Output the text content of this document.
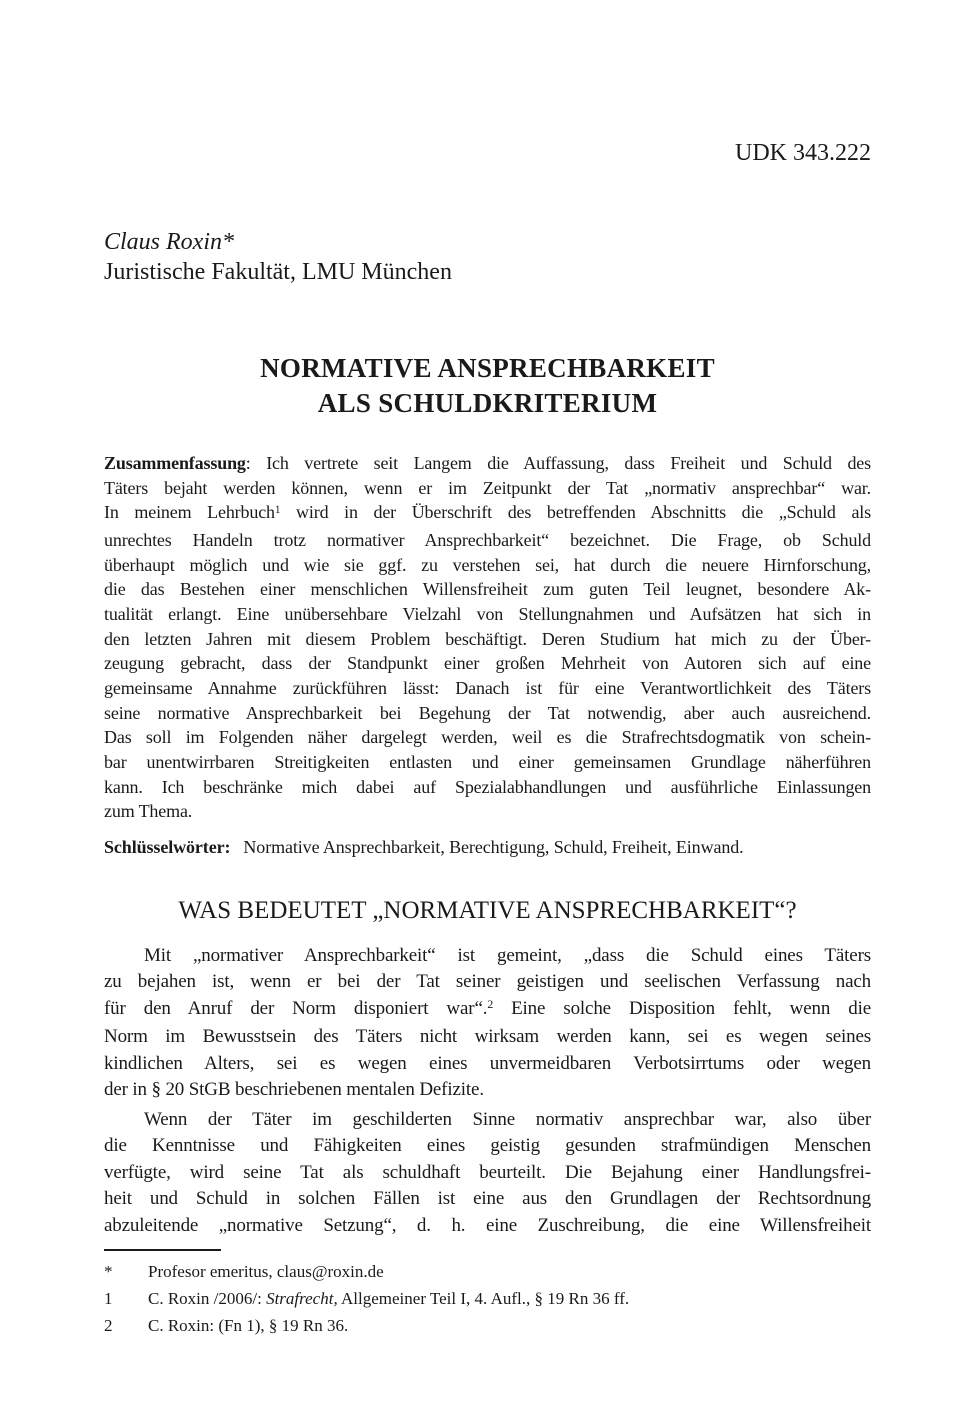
UDK 343.222
Claus Roxin*
Juristische Fakultät, LMU München
NORMATIVE ANSPRECHBARKEIT
ALS SCHULDKRITERIUM
Zusammenfassung: Ich vertrete seit Langem die Auffassung, dass Freiheit und Schuld des
Täters bejaht werden können, wenn er im Zeitpunkt der Tat „normativ ansprechbar“ war.
In meinem Lehrbuch$^1$ wird in der Überschrift des betreffenden Abschnitts die „Schuld als
unrechtes Handeln trotz normativer Ansprechbarkeit“ bezeichnet. Die Frage, ob Schuld
überhaupt möglich und wie sie ggf. zu verstehen sei, hat durch die neuere Hirnforschung,
die das Bestehen einer menschlichen Willensfreiheit zum guten Teil leugnet, besondere Ak-
tualität erlangt. Eine unübersehbare Vielzahl von Stellungnahmen und Aufsätzen hat sich in
den letzten Jahren mit diesem Problem beschäftigt. Deren Studium hat mich zu der Über-
zeugung gebracht, dass der Standpunkt einer großen Mehrheit von Autoren sich auf eine
gemeinsame Annahme zurückführen lässt: Danach ist für eine Verantwortlichkeit des Täters
seine normative Ansprechbarkeit bei Begehung der Tat notwendig, aber auch ausreichend.
Das soll im Folgenden näher dargelegt werden, weil es die Strafrechtsdogmatik von schein-
bar unentwirrbaren Streitigkeiten entlasten und einer gemeinsamen Grundlage näherführen
kann. Ich beschränke mich dabei auf Spezialabhandlungen und ausführliche Einlassungen
zum Thema.
Schlüsselwörter: Normative Ansprechbarkeit, Berechtigung, Schuld, Freiheit, Einwand.
WAS BEDEUTET „NORMATIVE ANSPRECHBARKEIT“?
Mit „normativer Ansprechbarkeit“ ist gemeint, „dass die Schuld eines Täters
zu bejahen ist, wenn er bei der Tat seiner geistigen und seelischen Verfassung nach
für den Anruf der Norm disponiert war“.$^2$ Eine solche Disposition fehlt, wenn die
Norm im Bewusstsein des Täters nicht wirksam werden kann, sei es wegen seines
kindlichen Alters, sei es wegen eines unvermeidbaren Verbotsirrtums oder wegen
der in § 20 StGB beschriebenen mentalen Defizite.
Wenn der Täter im geschilderten Sinne normativ ansprechbar war, also über
die Kenntnisse und Fähigkeiten eines geistig gesunden strafmündigen Menschen
verfügte, wird seine Tat als schuldhaft beurteilt. Die Bejahung einer Handlungsfrei-
heit und Schuld in solchen Fällen ist eine aus den Grundlagen der Rechtsordnung
abzuleitende „normative Setzung“, d. h. eine Zuschreibung, die eine Willensfreiheit
*	Profesor emeritus, claus@roxin.de
1	C. Roxin /2006/: Strafrecht, Allgemeiner Teil I, 4. Aufl., § 19 Rn 36 ff.
2	C. Roxin: (Fn 1), § 19 Rn 36.
